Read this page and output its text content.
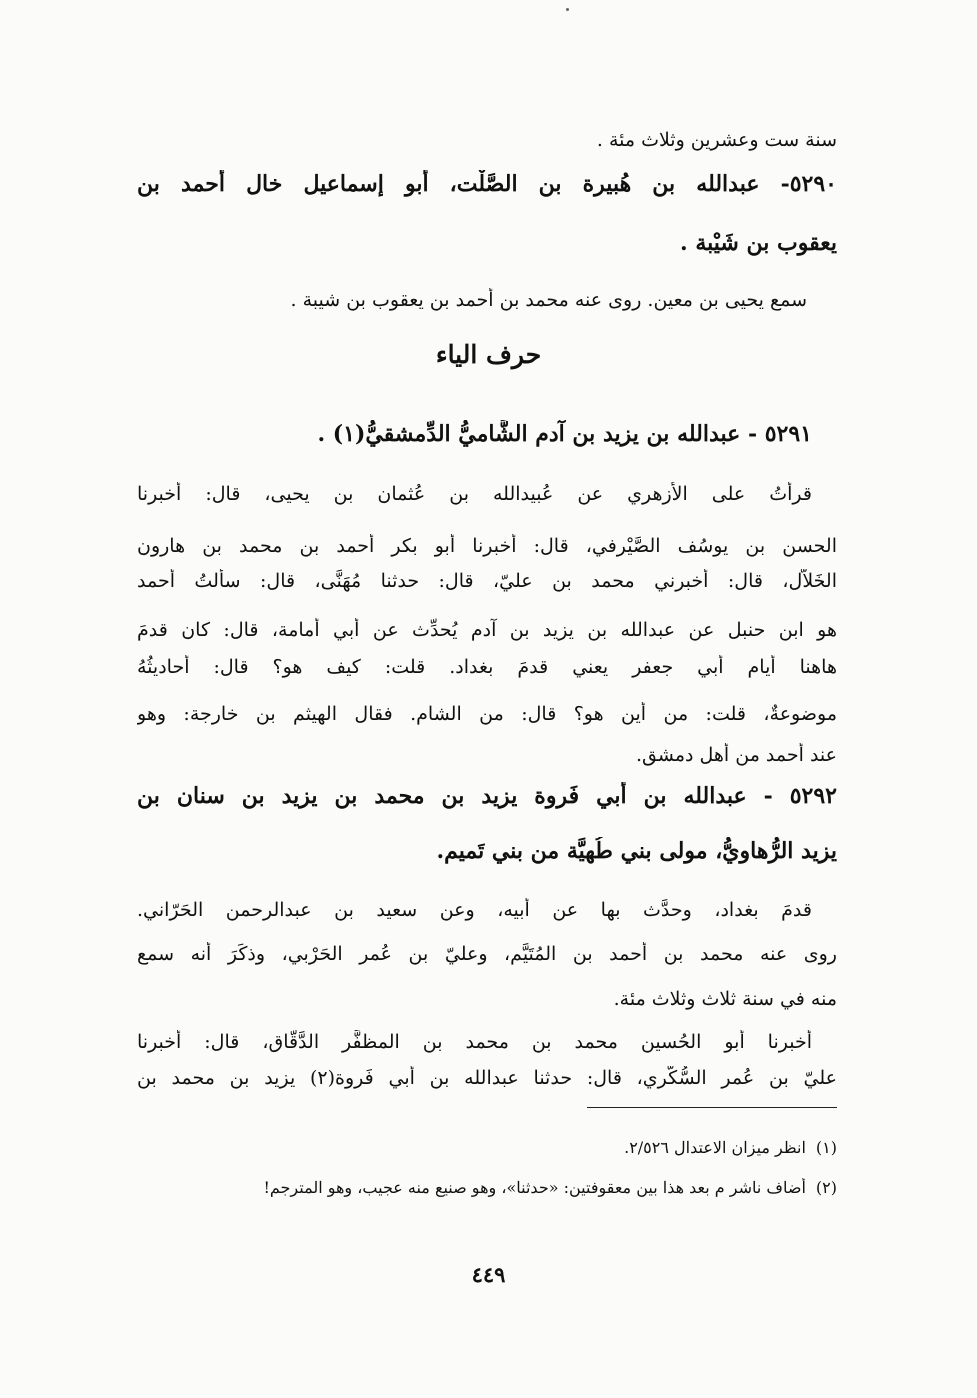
سنة ست وعشرين وثلاث مئة .
٥٢٩٠- عبدالله بن هُبيرة بن الصَّلْت، أبو إسماعيل خال أحمد بن
يعقوب بن شَيْبة .
سمع يحيى بن معين. روى عنه محمد بن أحمد بن يعقوب بن شيبة .
حرف الياء
٥٢٩١ - عبدالله بن يزيد بن آدم الشَّاميُّ الدِّمشقيُّ(١) .
قرأتُ على الأزهري عن عُبيدالله بن عُثمان بن يحيى، قال: أخبرنا
الحسن بن يوسُف الصَّيْرفي، قال: أخبرنا أبو بكر أحمد بن محمد بن هارون
الخَلاَّل، قال: أخبرني محمد بن عليّ، قال: حدثنا مُهَنَّى، قال: سألتُ أحمد
هو ابن حنبل عن عبدالله بن يزيد بن آدم يُحدِّث عن أبي أمامة، قال: كان قدمَ
هاهنا أيام أبي جعفر يعني قدمَ بغداد. قلت: كيف هو؟ قال: أحاديثُهُ
موضوعةٌ، قلت: من أين هو؟ قال: من الشام. فقال الهيثم بن خارجة: وهو
عند أحمد من أهل دمشق.
٥٢٩٢ - عبدالله بن أبي فَروة يزيد بن محمد بن يزيد بن سنان بن
يزيد الرُّهاويُّ، مولى بني طُهيَّة من بني تَميم.
قدمَ بغداد، وحدَّث بها عن أبيه، وعن سعيد بن عبدالرحمن الحَرّاني.
روى عنه محمد بن أحمد بن المُتَيَّم، وعليّ بن عُمر الحَرْبي، وذكَرَ أنه سمع
منه في سنة ثلاث وثلاث مئة.
أخبرنا أبو الحُسين محمد بن محمد بن المظفَّر الدَّقّاق، قال: أخبرنا
عليّ بن عُمر السُّكَّري، قال: حدثنا عبدالله بن أبي فَروة(٢) يزيد بن محمد بن
(١)انظر ميزان الاعتدال ٢/٥٢٦.
(٢)أضاف ناشر م بعد هذا بين معقوفتين: «حدثنا»، وهو صنيع منه عجيب، وهو المترجم!
٤٤٩
